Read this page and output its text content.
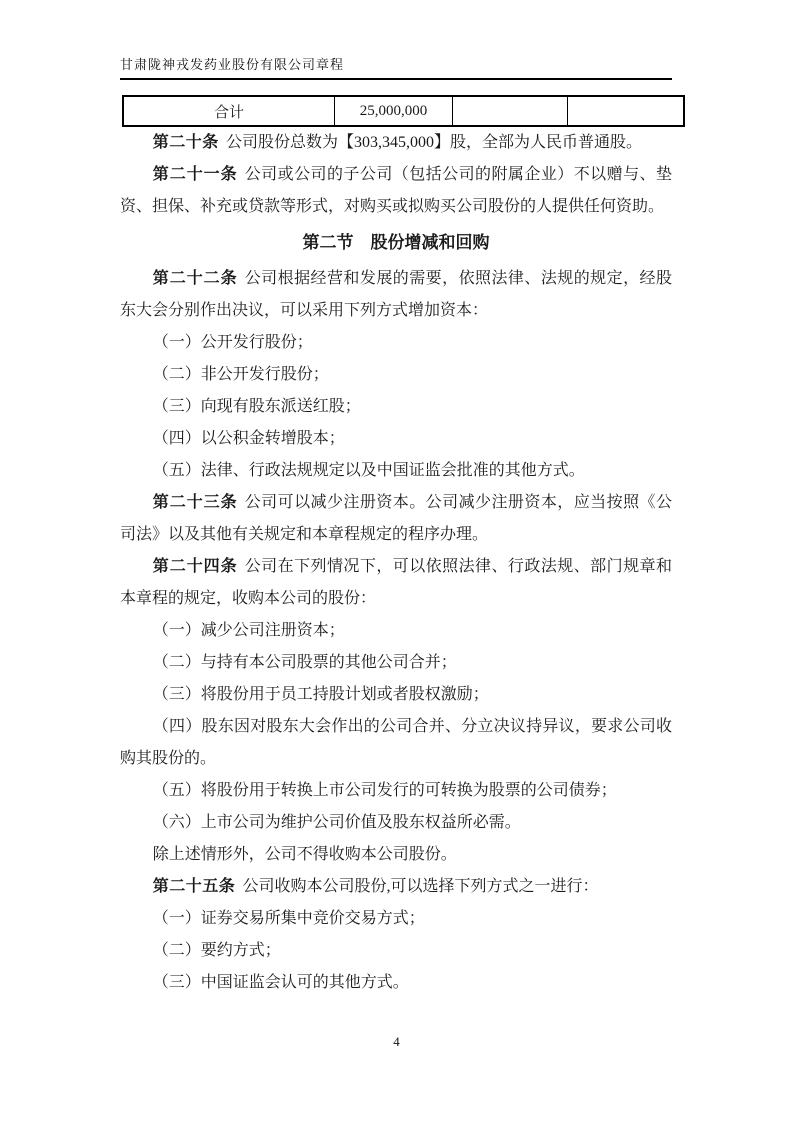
甘肃陇神戎发药业股份有限公司章程
合计	25,000,000		

第二十条 公司股份总数为【303,345,000】股，全部为人民币普通股。

第二十一条 公司或公司的子公司（包括公司的附属企业）不以赠与、垫资、担保、补充或贷款等形式，对购买或拟购买公司股份的人提供任何资助。

第二节　股份增减和回购

第二十二条 公司根据经营和发展的需要，依照法律、法规的规定，经股东大会分别作出决议，可以采用下列方式增加资本：

（一）公开发行股份；

（二）非公开发行股份；

（三）向现有股东派送红股；

（四）以公积金转增股本；

（五）法律、行政法规规定以及中国证监会批准的其他方式。

第二十三条 公司可以减少注册资本。公司减少注册资本，应当按照《公司法》以及其他有关规定和本章程规定的程序办理。

第二十四条 公司在下列情况下，可以依照法律、行政法规、部门规章和本章程的规定，收购本公司的股份：

（一）减少公司注册资本；

（二）与持有本公司股票的其他公司合并；

（三）将股份用于员工持股计划或者股权激励；

（四）股东因对股东大会作出的公司合并、分立决议持异议，要求公司收购其股份的。

（五）将股份用于转换上市公司发行的可转换为股票的公司债券；

（六）上市公司为维护公司价值及股东权益所必需。

除上述情形外，公司不得收购本公司股份。

第二十五条 公司收购本公司股份,可以选择下列方式之一进行：

（一）证券交易所集中竞价交易方式；

（二）要约方式；

（三）中国证监会认可的其他方式。

4
